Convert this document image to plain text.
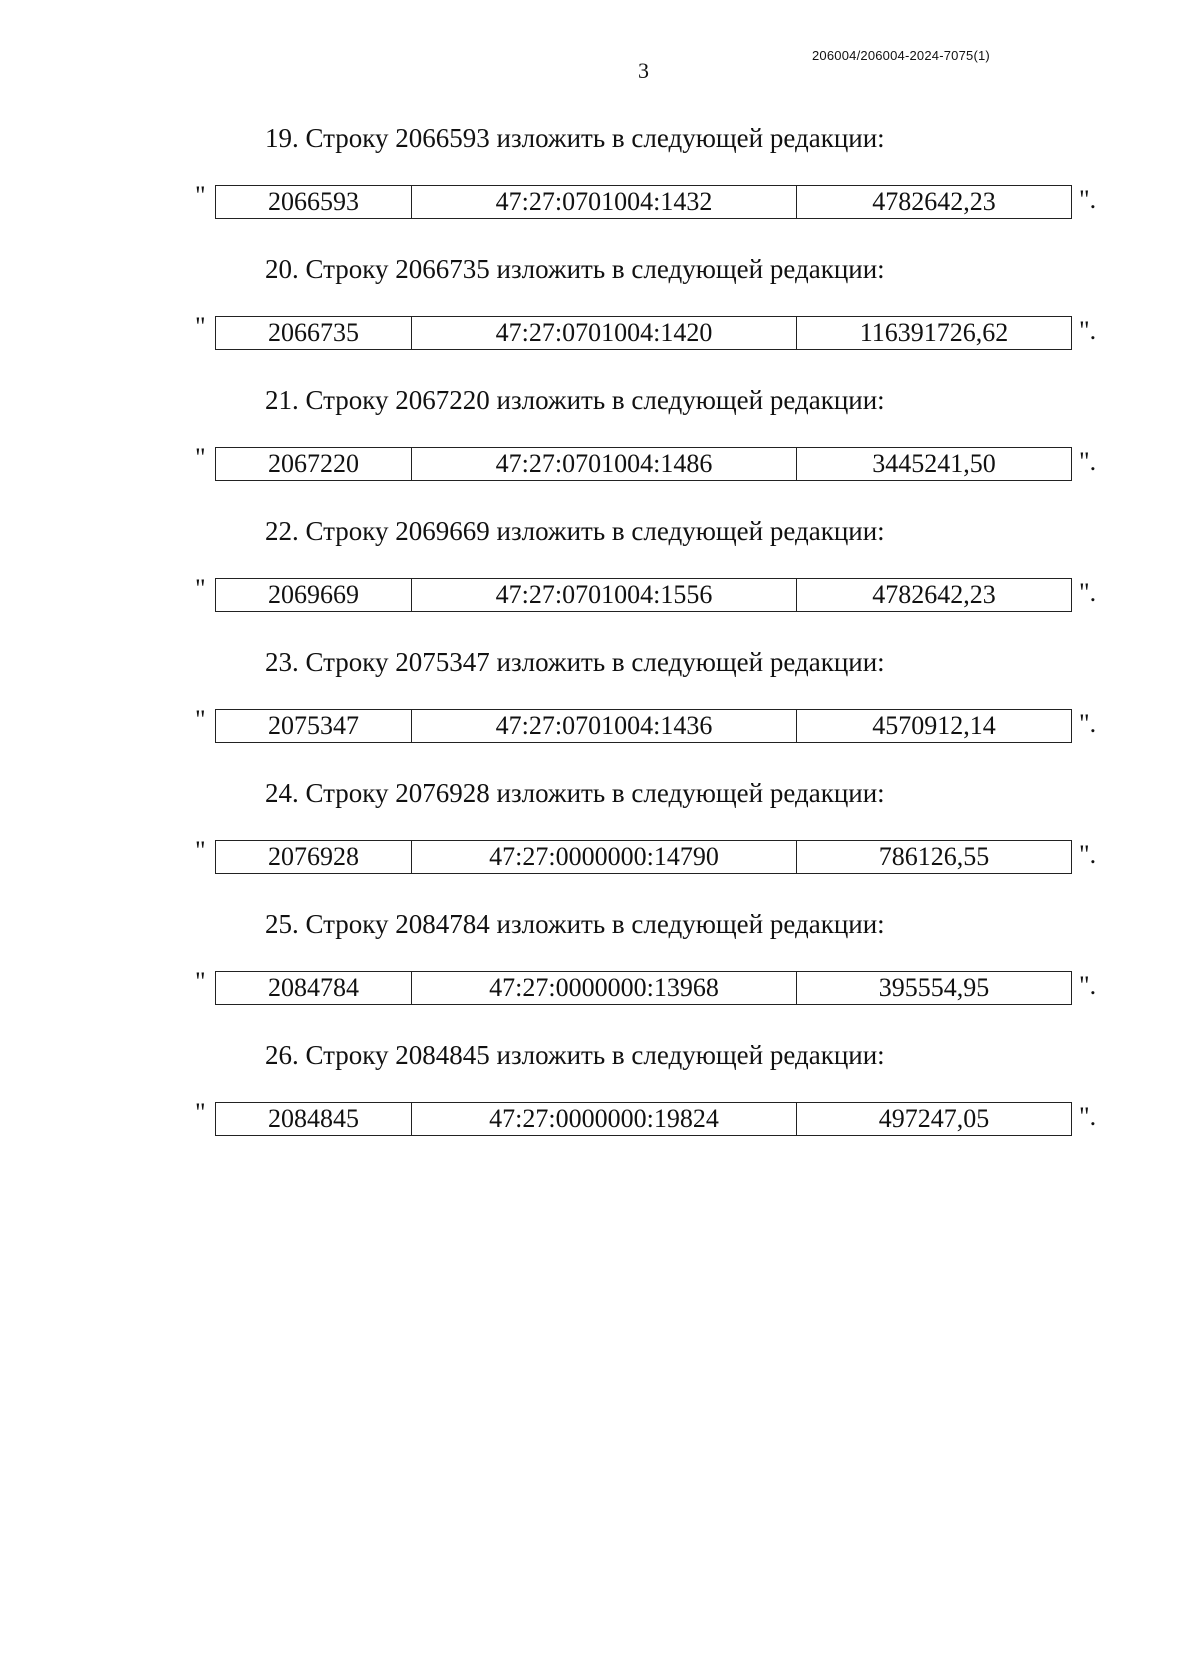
206004/206004-2024-7075(1)
3
19. Строку 2066593 изложить в следующей редакции:
" 2066593	47:27:0701004:1432	4782642,23	".
20. Строку 2066735 изложить в следующей редакции:
" 2066735	47:27:0701004:1420	116391726,62	".
21. Строку 2067220 изложить в следующей редакции:
" 2067220	47:27:0701004:1486	3445241,50	".
22. Строку 2069669 изложить в следующей редакции:
" 2069669	47:27:0701004:1556	4782642,23	".
23. Строку 2075347 изложить в следующей редакции:
" 2075347	47:27:0701004:1436	4570912,14	".
24. Строку 2076928 изложить в следующей редакции:
" 2076928	47:27:0000000:14790	786126,55	".
25. Строку 2084784 изложить в следующей редакции:
" 2084784	47:27:0000000:13968	395554,95	".
26. Строку 2084845 изложить в следующей редакции:
" 2084845	47:27:0000000:19824	497247,05	".
